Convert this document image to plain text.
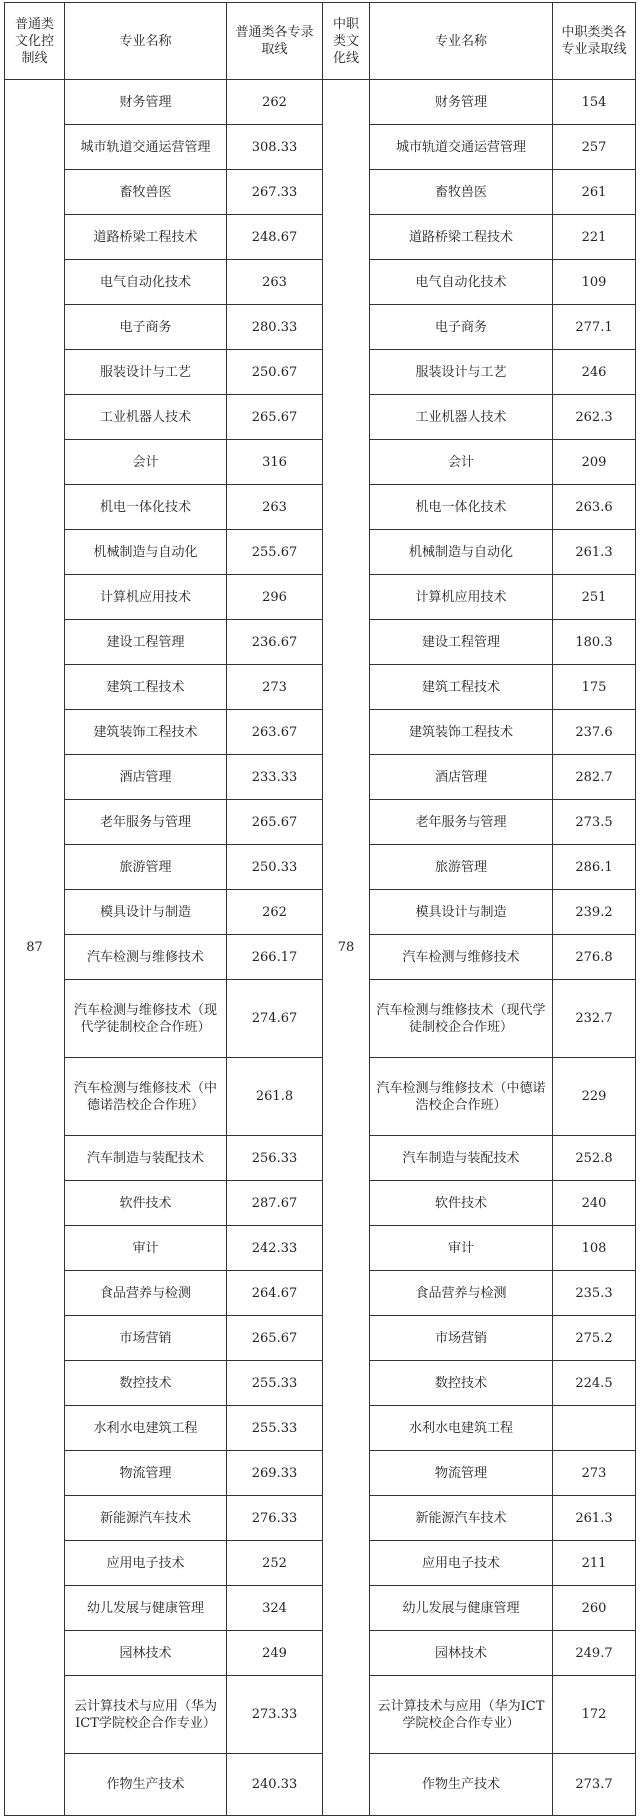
普通类文化控制线	专业名称	普通类各专录取线	中职类文化线	专业名称	中职类类各专业录取线
87	财务管理	262	78	财务管理	154
	城市轨道交通运营管理	308.33		城市轨道交通运营管理	257
	畜牧兽医	267.33		畜牧兽医	261
	道路桥梁工程技术	248.67		道路桥梁工程技术	221
	电气自动化技术	263		电气自动化技术	109
	电子商务	280.33		电子商务	277.1
	服装设计与工艺	250.67		服装设计与工艺	246
	工业机器人技术	265.67		工业机器人技术	262.3
	会计	316		会计	209
	机电一体化技术	263		机电一体化技术	263.6
	机械制造与自动化	255.67		机械制造与自动化	261.3
	计算机应用技术	296		计算机应用技术	251
	建设工程管理	236.67		建设工程管理	180.3
	建筑工程技术	273		建筑工程技术	175
	建筑装饰工程技术	263.67		建筑装饰工程技术	237.6
	酒店管理	233.33		酒店管理	282.7
	老年服务与管理	265.67		老年服务与管理	273.5
	旅游管理	250.33		旅游管理	286.1
	模具设计与制造	262		模具设计与制造	239.2
	汽车检测与维修技术	266.17		汽车检测与维修技术	276.8
	汽车检测与维修技术（现代学徒制校企合作班）	274.67		汽车检测与维修技术（现代学徒制校企合作班）	232.7
	汽车检测与维修技术（中德诺浩校企合作班）	261.8		汽车检测与维修技术（中德诺浩校企合作班）	229
	汽车制造与装配技术	256.33		汽车制造与装配技术	252.8
	软件技术	287.67		软件技术	240
	审计	242.33		审计	108
	食品营养与检测	264.67		食品营养与检测	235.3
	市场营销	265.67		市场营销	275.2
	数控技术	255.33		数控技术	224.5
	水利水电建筑工程	255.33		水利水电建筑工程	
	物流管理	269.33		物流管理	273
	新能源汽车技术	276.33		新能源汽车技术	261.3
	应用电子技术	252		应用电子技术	211
	幼儿发展与健康管理	324		幼儿发展与健康管理	260
	园林技术	249		园林技术	249.7
	云计算技术与应用（华为ICT学院校企合作专业）	273.33		云计算技术与应用（华为ICT学院校企合作专业）	172
	作物生产技术	240.33		作物生产技术	273.7
